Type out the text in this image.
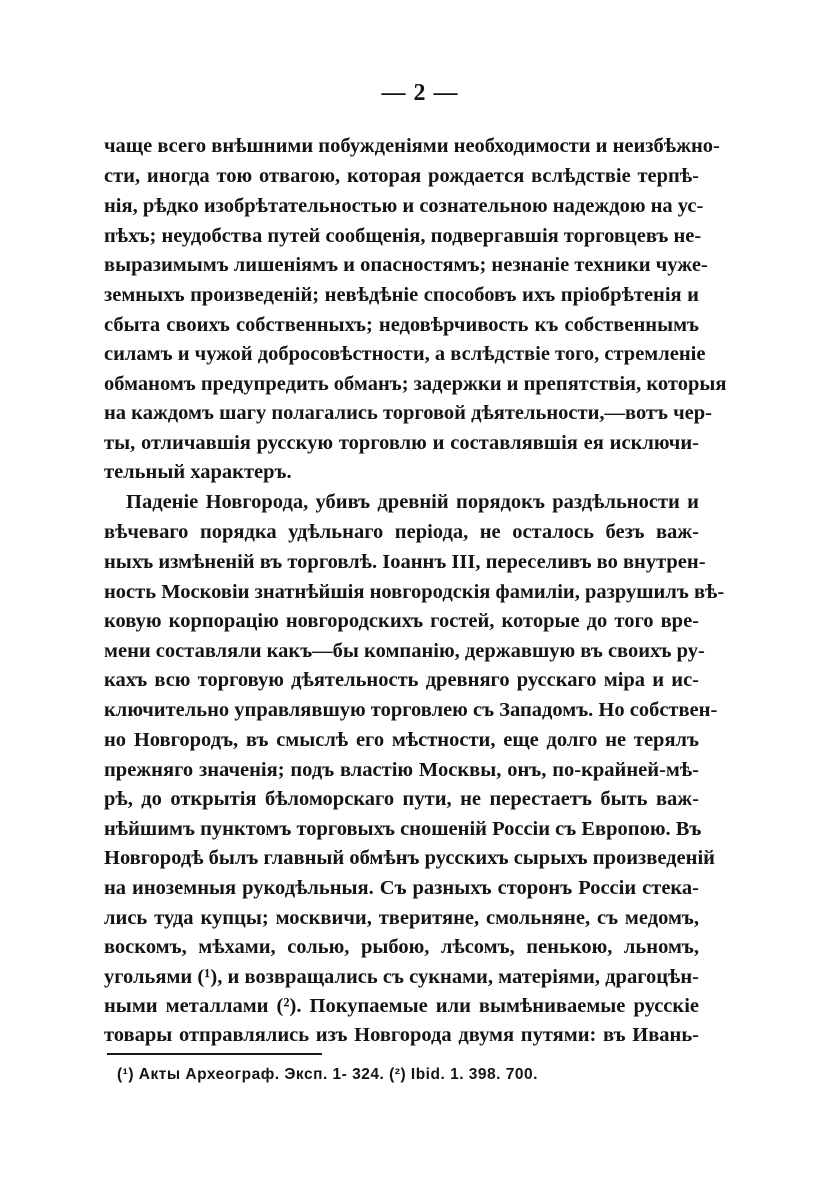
— 2 —
чаще всего внѣшними побужденіями необходимости и неизбѣжно-
сти, иногда тою отвагою, которая рождается вслѣдствіе терпѣ-
нія, рѣдко изобрѣтательностью и сознательною надеждою на ус-
пѣхъ; неудобства путей сообщенія, подвергавшія торговцевъ не-
выразимымъ лишеніямъ и опасностямъ; незнаніе техники чуже-
земныхъ произведеній; невѣдѣніе способовъ ихъ пріобрѣтенія и
сбыта своихъ собственныхъ; недовѣрчивость къ собственнымъ
силамъ и чужой добросовѣстности, а вслѣдствіе того, стремленіе
обманомъ предупредить обманъ; задержки и препятствія, которыя
на каждомъ шагу полагались торговой дѣятельности,—вотъ чер-
ты, отличавшія русскую торговлю и составлявшія ея исключи-
тельный характеръ.
Паденіе Новгорода, убивъ древній порядокъ раздѣльности и
вѣчеваго порядка удѣльнаго періода, не осталось безъ важ-
ныхъ измѣненій въ торговлѣ. Іоаннъ III, переселивъ во внутрен-
ность Московіи знатнѣйшія новгородскія фамиліи, разрушилъ вѣ-
ковую корпорацію новгородскихъ гостей, которые до того вре-
мени составляли какъ—бы компанію, державшую въ своихъ ру-
кахъ всю торговую дѣятельность древняго русскаго міра и ис-
ключительно управлявшую торговлею съ Западомъ. Но собствен-
но Новгородъ, въ смыслѣ его мѣстности, еще долго не терялъ
прежняго значенія; подъ властію Москвы, онъ, по-крайней-мѣ-
рѣ, до открытія бѣломорскаго пути, не перестаетъ быть важ-
нѣйшимъ пунктомъ торговыхъ сношеній Россіи съ Европою. Въ
Новгородѣ былъ главный обмѣнъ русскихъ сырыхъ произведеній
на иноземныя рукодѣльныя. Съ разныхъ сторонъ Россіи стека-
лись туда купцы; москвичи, тверитяне, смольняне, съ медомъ,
воскомъ, мѣхами, солью, рыбою, лѣсомъ, пенькою, льномъ,
угольями (¹), и возвращались съ сукнами, матеріями, драгоцѣн-
ными металлами (²). Покупаемые или вымѣниваемые русскіе
товары отправлялись изъ Новгорода двумя путями: въ Ивань-
(¹) Акты Археограф. Эксп. 1- 324. (²) Ibid. 1. 398. 700.
